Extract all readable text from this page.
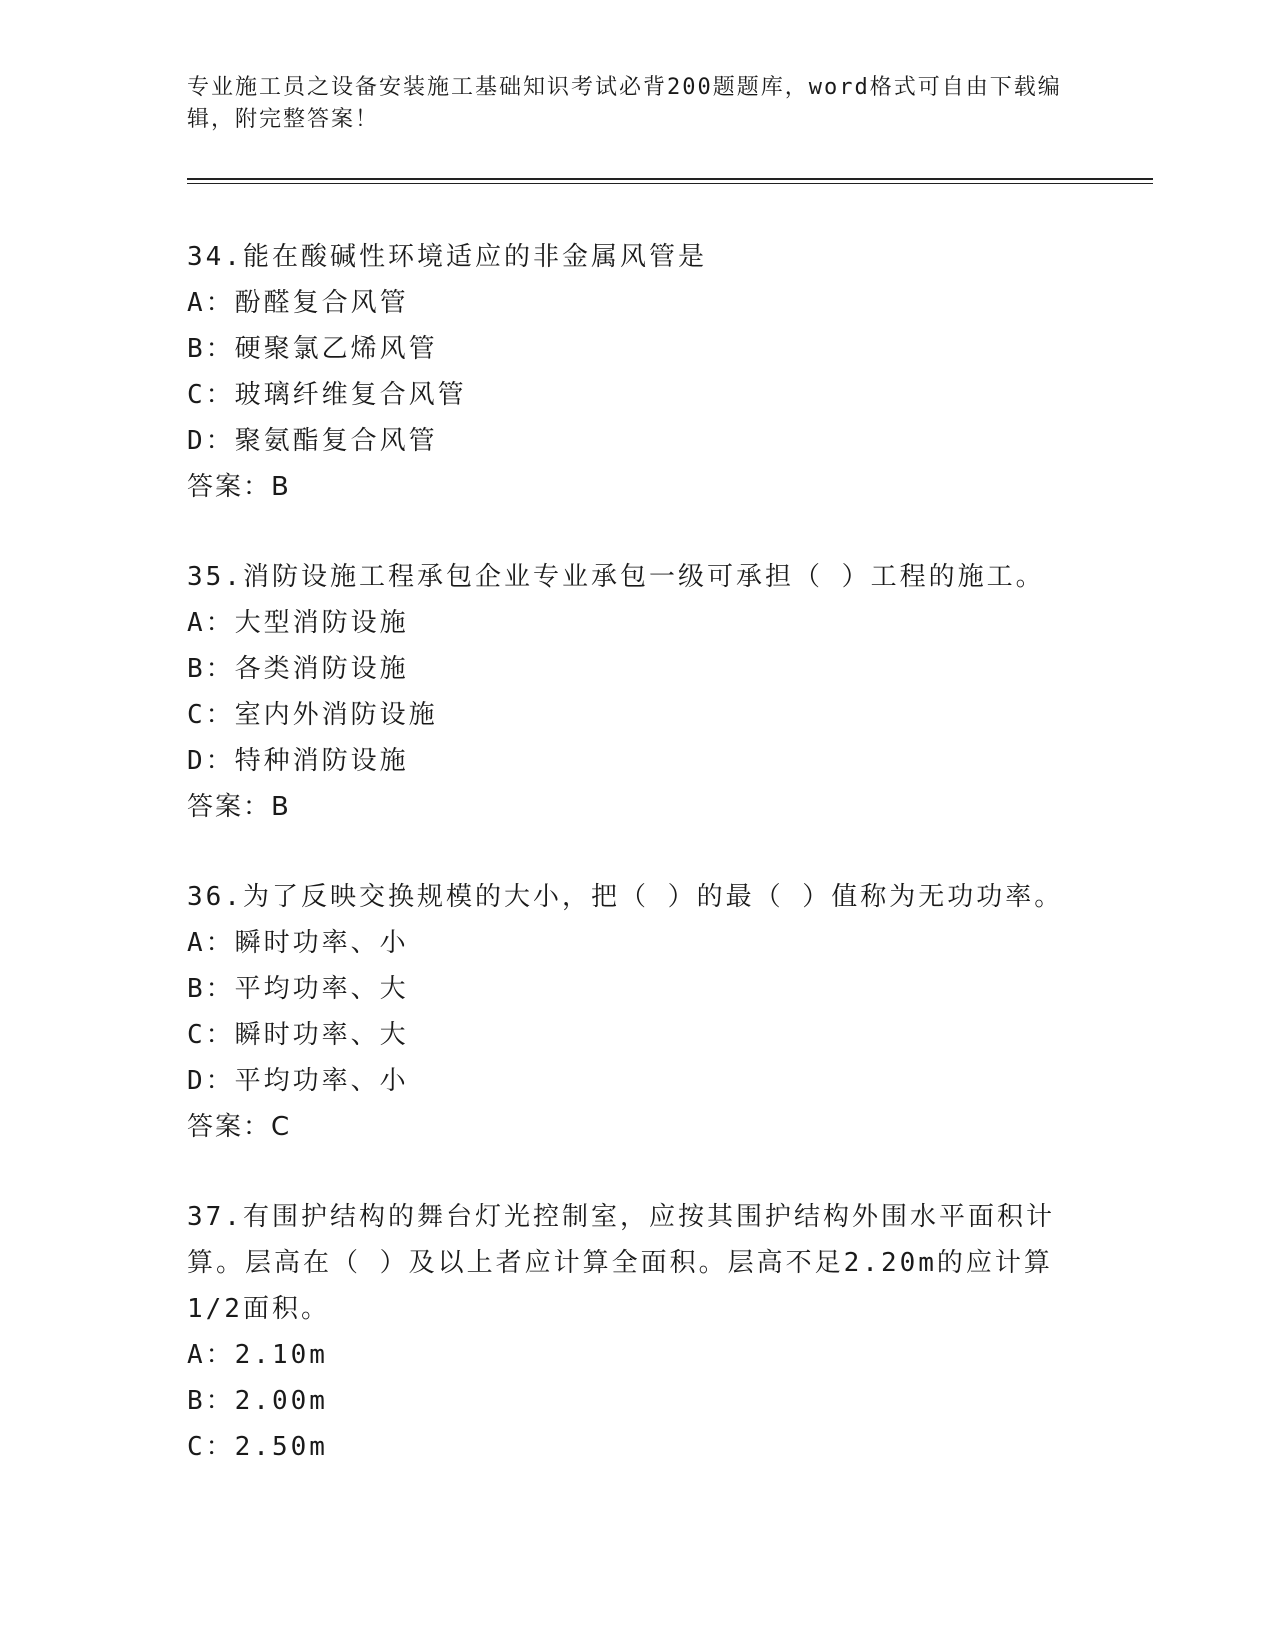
专业施工员之设备安装施工基础知识考试必背200题题库，word格式可自由下载编辑，附完整答案！

34.能在酸碱性环境适应的非金属风管是

A：酚醛复合风管

B：硬聚氯乙烯风管

C：玻璃纤维复合风管

D：聚氨酯复合风管

答案：B

35.消防设施工程承包企业专业承包一级可承担（ ）工程的施工。

A：大型消防设施

B：各类消防设施

C：室内外消防设施

D：特种消防设施

答案：B

36.为了反映交换规模的大小，把（ ）的最（ ）值称为无功功率。

A：瞬时功率、小

B：平均功率、大

C：瞬时功率、大

D：平均功率、小

答案：C

37.有围护结构的舞台灯光控制室，应按其围护结构外围水平面积计算。层高在（ ）及以上者应计算全面积。层高不足2.20m的应计算1/2面积。

A：2.10m

B：2.00m

C：2.50m
